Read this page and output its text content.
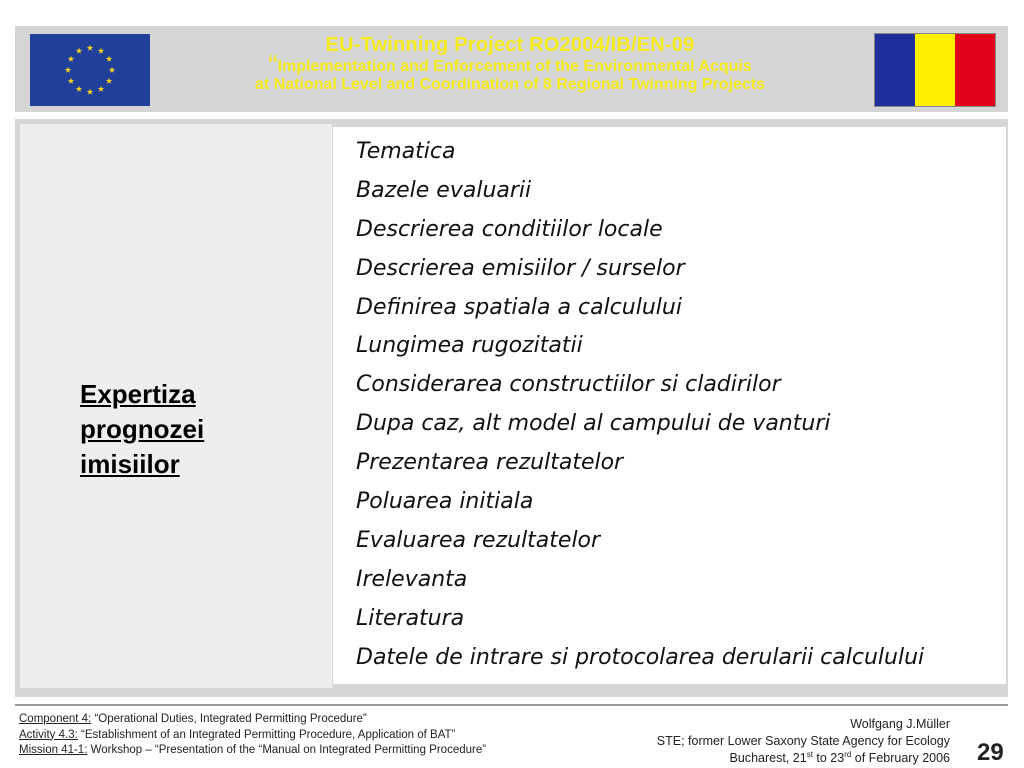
EU-Twinning Project RO2004/IB/EN-09
“Implementation and Enforcement of the Environmental Acquis
at National Level and Coordination of 8 Regional Twinning Projects
Expertiza
prognozei
imisiilor
Tematica
Bazele evaluarii
Descrierea conditiilor locale
Descrierea emisiilor / surselor
Definirea spatiala a calculului
Lungimea rugozitatii
Considerarea constructiilor si cladirilor
Dupa caz, alt model al campului de vanturi
Prezentarea rezultatelor
Poluarea initiala
Evaluarea rezultatelor
Irelevanta
Literatura
Datele de intrare si protocolarea derularii calculului
Component 4: “Operational Duties, Integrated Permitting Procedure”
Activity 4.3: “Establishment of an Integrated Permitting Procedure, Application of BAT”
Mission 41-1: Workshop – “Presentation of the “Manual on Integrated Permitting Procedure”
Wolfgang J.Müller
STE; former Lower Saxony State Agency for Ecology
Bucharest, 21st to 23rd of February 2006 29
